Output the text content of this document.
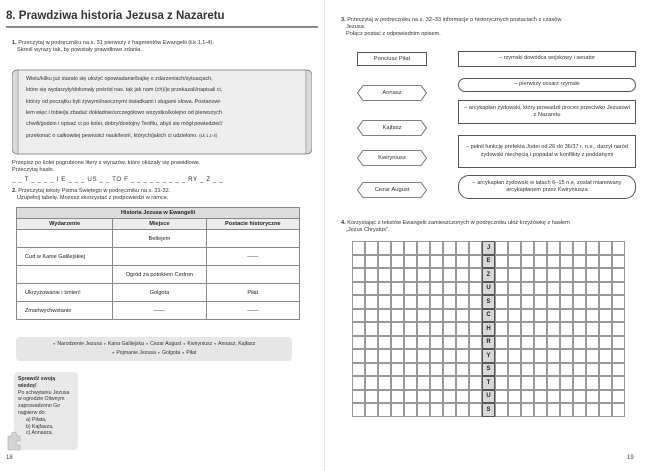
8. Prawdziwa historia Jezusa z Nazaretu
1. Przeczytaj w podręczniku na s. 31 pierwszy z fragmentów Ewangelii (Łk 1,1-4).
Skreśl wyrazy tak, by powstały prawidłowe zdania.
Wielu/kilku już starało się ułożyć opowiadanie/bajkę o zdarzeniach/sytuacjach,
które się wydarzyły/dokonały pośród nas, tak jak nam (ch)/je przekazali/napisali ci,
którzy od początku byli żywymi/naocznymi świadkami i sługami słowa. Postanowi-
łem więc i tobie/ja zbadać dokładnie/szczegółowo wszystko/kolejno od pierwszych
chwili/godzin i opisać ci po kolei, dobry/dostojny Teofilu, abyś się mógł powiedzieć/
przekonać o całkowitej pewności nauk/teorii, których/jakich ci udzielono. (Łk 1,1-4)
Przepisz po kolei pogrubione litery z wyrazów, które okazały się prawidłowe.
Przeczytaj hasło.
_ _ T _ _ _ _ I E _ _ _ US _ _ TO F _ _ _ _ _ _ _ _ _ RY _ Z _ _
2. Przeczytaj teksty Pisma Świętego w podręczniku na s. 31-32.
Uzupełnij tabelę. Możesz skorzystać z podpowiedzi w ramce.
Historia Jezusa w Ewangelii		
Wydarzenie	Miejsce	Postacie historyczne
	Betlejem	
Cud w Kanie Galilejskiej		——
	Ogród za potokiem Cedron	
Ukrzyżowanie i śmierć	Golgota	Piłat
Zmartwychwstanie	——	——
∘ Narodzenie Jezusa ∘ Kana Galilejska ∘ Cezar August ∘ Kwiryniusz ∘ Annasz, Kajfasz
∘ Pojmanie Jezusa ∘ Golgota ∘ Piłat
Sprawdź swoją wiedzę!
Po schwytaniu Jezusa
w ogrodzie Oliwnym
zaprowadzono Go
najpierw do:
a) Piłata,
b) Kajfasza,
c) Annasza.
18
3. Przeczytaj w podręczniku na s. 32–33 informacje o historycznych postaciach z czasów
Jezusa.
Połącz postać z odpowiednim opisem.
Ponciusz Piłat
Annasz
Kajfasz
Kwiryniusz
Cezar August
– rzymski dowódca wojskowy i senator
– pierwszy cesarz rzymski
– arcykapłan żydowski, który prowadził proces przeciwko Jezusowi z Nazaretu
– pełnił funkcję prefekta Judei od 26 do 36/37 r. n.e., darzył naród żydowski niechęcią i popadał w konflikty z poddanymi
– arcykapłan żydowski w latach 6–15 n.e, został mianowany arcykapłanem przez Kwiryniusza
4. Korzystając z tekstów Ewangelii zamieszczonych w podręczniku ułóż krzyżówkę z hasłem
„Jezus Chrystus”.
J
E
Z
U
S
C
H
R
Y
S
T
U
S
19
